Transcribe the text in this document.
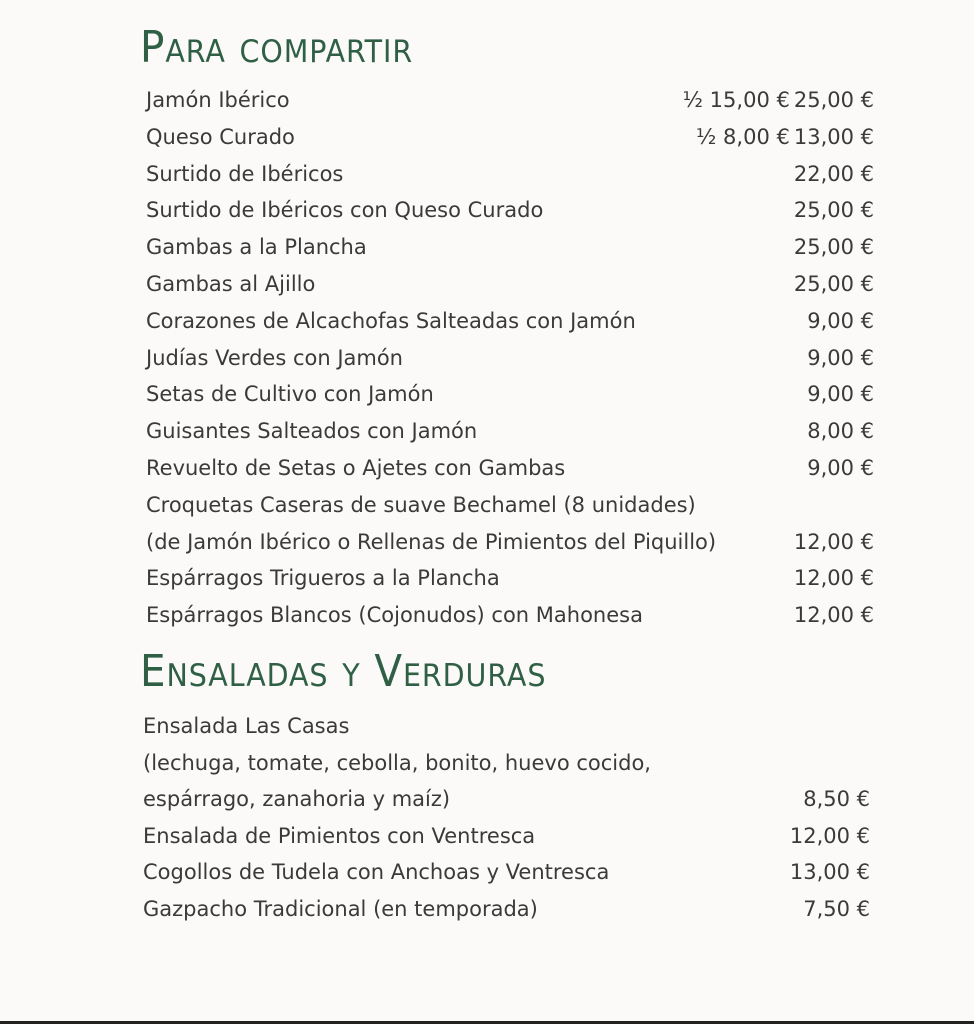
Para compartir
Jamón Ibérico	½ 15,00 € 25,00 €
Queso Curado	½ 8,00 € 13,00 €
Surtido de Ibéricos	22,00 €
Surtido de Ibéricos con Queso Curado	25,00 €
Gambas a la Plancha	25,00 €
Gambas al Ajillo	25,00 €
Corazones de Alcachofas Salteadas con Jamón	9,00 €
Judías Verdes con Jamón	9,00 €
Setas de Cultivo con Jamón	9,00 €
Guisantes Salteados con Jamón	8,00 €
Revuelto de Setas o Ajetes con Gambas	9,00 €
Croquetas Caseras de suave Bechamel (8 unidades)
(de Jamón Ibérico o Rellenas de Pimientos del Piquillo)	12,00 €
Espárragos Trigueros a la Plancha	12,00 €
Espárragos Blancos (Cojonudos) con Mahonesa	12,00 €
Ensaladas y Verduras
Ensalada Las Casas
(lechuga, tomate, cebolla, bonito, huevo cocido,
espárrago, zanahoria y maíz)	8,50 €
Ensalada de Pimientos con Ventresca	12,00 €
Cogollos de Tudela con Anchoas y Ventresca	13,00 €
Gazpacho Tradicional (en temporada)	7,50 €
